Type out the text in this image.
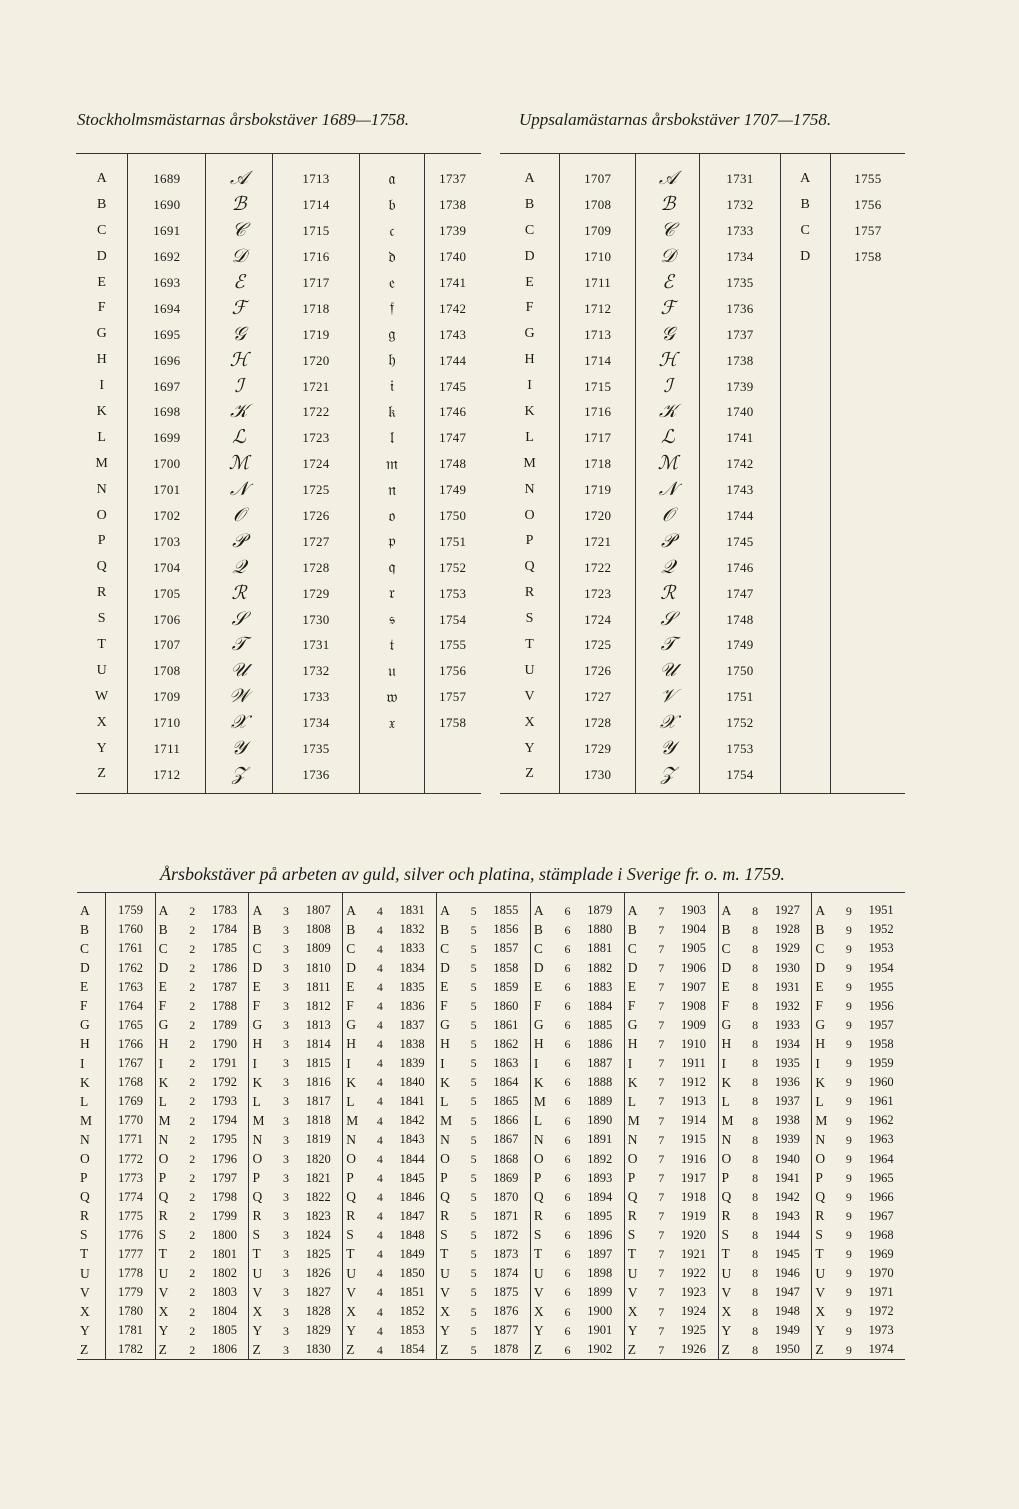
Stockholmsmästarnas årsbokstäver 1689—1758.	Uppsalamästarnas årsbokstäver 1707—1758.
A	1689	𝒜	1713	𝔞	1737
B	1690	ℬ	1714	𝔟	1738
C	1691	𝒞	1715	𝔠	1739
D	1692	𝒟	1716	𝔡	1740
E	1693	ℰ	1717	𝔢	1741
F	1694	ℱ	1718	𝔣	1742
G	1695	𝒢	1719	𝔤	1743
H	1696	ℋ	1720	𝔥	1744
I	1697	ℐ	1721	𝔦	1745
K	1698	𝒦	1722	𝔨	1746
L	1699	ℒ	1723	𝔩	1747
M	1700	ℳ	1724	𝔪	1748
N	1701	𝒩	1725	𝔫	1749
O	1702	𝒪	1726	𝔬	1750
P	1703	𝒫	1727	𝔭	1751
Q	1704	𝒬	1728	𝔮	1752
R	1705	ℛ	1729	𝔯	1753
S	1706	𝒮	1730	𝔰	1754
T	1707	𝒯	1731	𝔱	1755
U	1708	𝒰	1732	𝔲	1756
W	1709	𝒲	1733	𝔴	1757
X	1710	𝒳	1734	𝔵	1758
Y	1711	𝒴	1735		
Z	1712	𝒵	1736		
A	1707	𝒜	1731	A	1755
B	1708	ℬ	1732	B	1756
C	1709	𝒞	1733	C	1757
D	1710	𝒟	1734	D	1758
E	1711	ℰ	1735		
F	1712	ℱ	1736		
G	1713	𝒢	1737		
H	1714	ℋ	1738		
I	1715	ℐ	1739		
K	1716	𝒦	1740		
L	1717	ℒ	1741		
M	1718	ℳ	1742		
N	1719	𝒩	1743		
O	1720	𝒪	1744		
P	1721	𝒫	1745		
Q	1722	𝒬	1746		
R	1723	ℛ	1747		
S	1724	𝒮	1748		
T	1725	𝒯	1749		
U	1726	𝒰	1750		
V	1727	𝒱	1751		
X	1728	𝒳	1752		
Y	1729	𝒴	1753		
Z	1730	𝒵	1754		
Årsbokstäver på arbeten av guld, silver och platina, stämplade i Sverige fr. o. m. 1759.
A	1759	A	2	1783	A	3	1807	A	4	1831	A	5	1855	A	6	1879	A	7	1903	A	8	1927	A	9	1951
B	1760	B	2	1784	B	3	1808	B	4	1832	B	5	1856	B	6	1880	B	7	1904	B	8	1928	B	9	1952
C	1761	C	2	1785	C	3	1809	C	4	1833	C	5	1857	C	6	1881	C	7	1905	C	8	1929	C	9	1953
D	1762	D	2	1786	D	3	1810	D	4	1834	D	5	1858	D	6	1882	D	7	1906	D	8	1930	D	9	1954
E	1763	E	2	1787	E	3	1811	E	4	1835	E	5	1859	E	6	1883	E	7	1907	E	8	1931	E	9	1955
F	1764	F	2	1788	F	3	1812	F	4	1836	F	5	1860	F	6	1884	F	7	1908	F	8	1932	F	9	1956
G	1765	G	2	1789	G	3	1813	G	4	1837	G	5	1861	G	6	1885	G	7	1909	G	8	1933	G	9	1957
H	1766	H	2	1790	H	3	1814	H	4	1838	H	5	1862	H	6	1886	H	7	1910	H	8	1934	H	9	1958
I	1767	I	2	1791	I	3	1815	I	4	1839	I	5	1863	I	6	1887	I	7	1911	I	8	1935	I	9	1959
K	1768	K	2	1792	K	3	1816	K	4	1840	K	5	1864	K	6	1888	K	7	1912	K	8	1936	K	9	1960
L	1769	L	2	1793	L	3	1817	L	4	1841	L	5	1865	M	6	1889	L	7	1913	L	8	1937	L	9	1961
M	1770	M	2	1794	M	3	1818	M	4	1842	M	5	1866	L	6	1890	M	7	1914	M	8	1938	M	9	1962
N	1771	N	2	1795	N	3	1819	N	4	1843	N	5	1867	N	6	1891	N	7	1915	N	8	1939	N	9	1963
O	1772	O	2	1796	O	3	1820	O	4	1844	O	5	1868	O	6	1892	O	7	1916	O	8	1940	O	9	1964
P	1773	P	2	1797	P	3	1821	P	4	1845	P	5	1869	P	6	1893	P	7	1917	P	8	1941	P	9	1965
Q	1774	Q	2	1798	Q	3	1822	Q	4	1846	Q	5	1870	Q	6	1894	Q	7	1918	Q	8	1942	Q	9	1966
R	1775	R	2	1799	R	3	1823	R	4	1847	R	5	1871	R	6	1895	R	7	1919	R	8	1943	R	9	1967
S	1776	S	2	1800	S	3	1824	S	4	1848	S	5	1872	S	6	1896	S	7	1920	S	8	1944	S	9	1968
T	1777	T	2	1801	T	3	1825	T	4	1849	T	5	1873	T	6	1897	T	7	1921	T	8	1945	T	9	1969
U	1778	U	2	1802	U	3	1826	U	4	1850	U	5	1874	U	6	1898	U	7	1922	U	8	1946	U	9	1970
V	1779	V	2	1803	V	3	1827	V	4	1851	V	5	1875	V	6	1899	V	7	1923	V	8	1947	V	9	1971
X	1780	X	2	1804	X	3	1828	X	4	1852	X	5	1876	X	6	1900	X	7	1924	X	8	1948	X	9	1972
Y	1781	Y	2	1805	Y	3	1829	Y	4	1853	Y	5	1877	Y	6	1901	Y	7	1925	Y	8	1949	Y	9	1973
Z	1782	Z	2	1806	Z	3	1830	Z	4	1854	Z	5	1878	Z	6	1902	Z	7	1926	Z	8	1950	Z	9	1974
